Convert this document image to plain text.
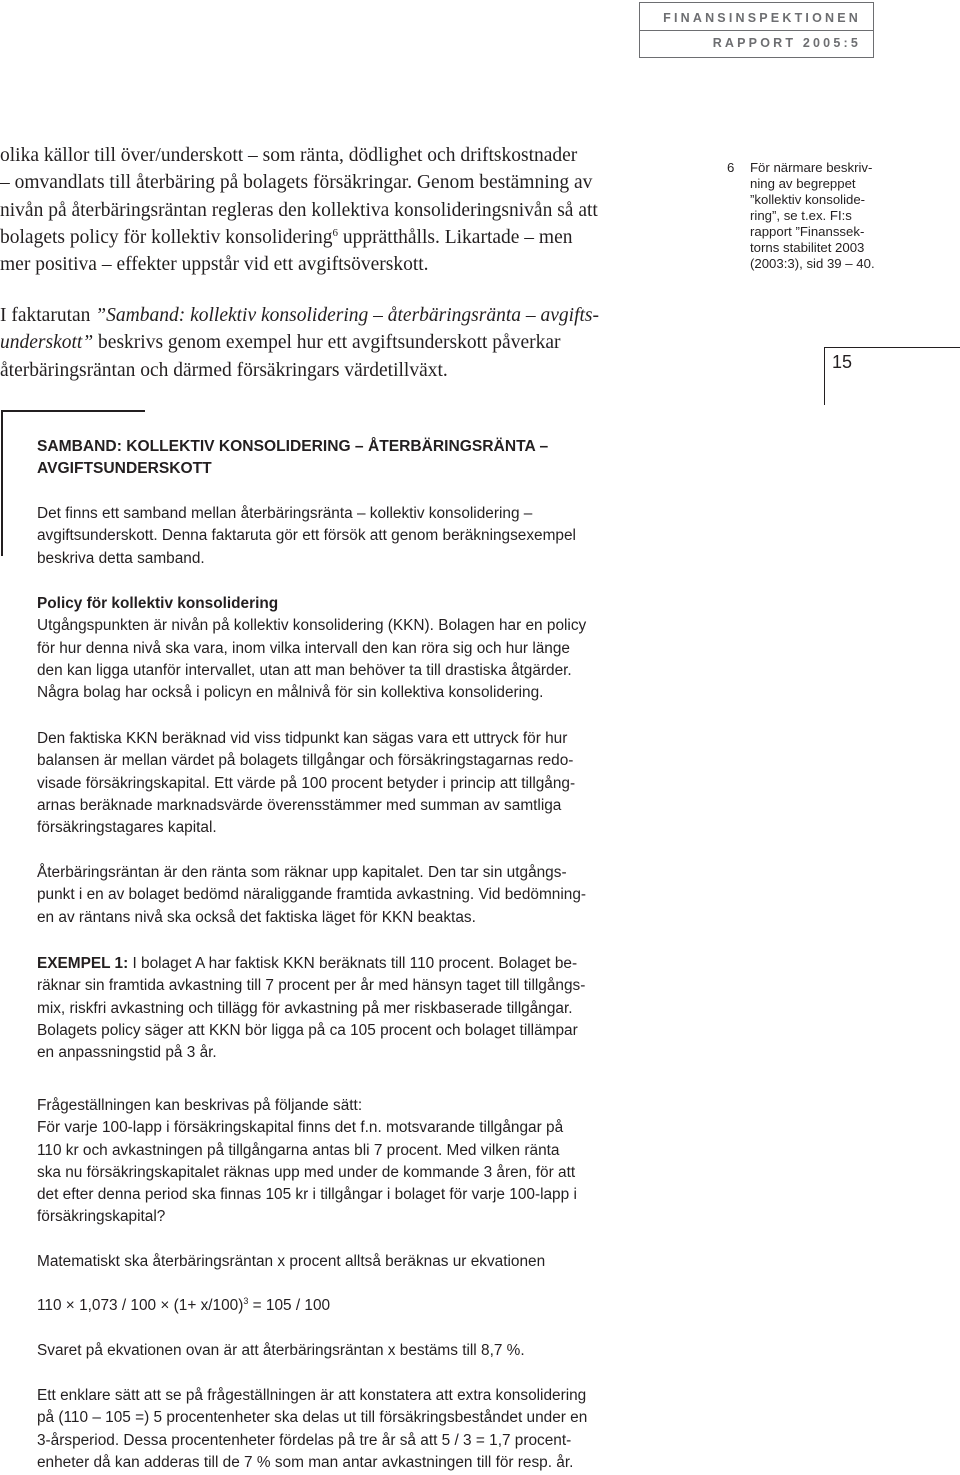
FINANSINSPEKTIONEN
RAPPORT 2005:5

olika källor till över/underskott – som ränta, dödlighet och driftskostnader

– omvandlats till återbäring på bolagets försäkringar. Genom bestämning av

nivån på återbäringsräntan regleras den kollektiva konsolideringsnivån så att

bolagets policy för kollektiv konsolidering$^6$ upprätthålls. Likartade – men

mer positiva – effekter uppstår vid ett avgiftsöverskott.

I faktarutan ”Samband: kollektiv konsolidering – återbäringsränta – avgifts-

underskott” beskrivs genom exempel hur ett avgiftsunderskott påverkar

återbäringsräntan och därmed försäkringars värdetillväxt.

6 För närmare beskriv-
ning av begreppet
”kollektiv konsolide-
ring”, se t.ex. FI:s
rapport ”Finanssek-
torns stabilitet 2003
(2003:3), sid 39 – 40.
15

SAMBAND: KOLLEKTIV KONSOLIDERING – ÅTERBÄRINGSRÄNTA –

AVGIFTSUNDERSKOTT

Det finns ett samband mellan återbäringsränta – kollektiv konsolidering –

avgiftsunderskott. Denna faktaruta gör ett försök att genom beräkningsexempel

beskriva detta samband.

Policy för kollektiv konsolidering

Utgångspunkten är nivån på kollektiv konsolidering (KKN). Bolagen har en policy

för hur denna nivå ska vara, inom vilka intervall den kan röra sig och hur länge

den kan ligga utanför intervallet, utan att man behöver ta till drastiska åtgärder.

Några bolag har också i policyn en målnivå för sin kollektiva konsolidering.

Den faktiska KKN beräknad vid viss tidpunkt kan sägas vara ett uttryck för hur

balansen är mellan värdet på bolagets tillgångar och försäkringstagarnas redo-

visade försäkringskapital. Ett värde på 100 procent betyder i princip att tillgång-

arnas beräknade marknadsvärde överensstämmer med summan av samtliga

försäkringstagares kapital.

Återbäringsräntan är den ränta som räknar upp kapitalet. Den tar sin utgångs-

punkt i en av bolaget bedömd näraliggande framtida avkastning. Vid bedömning-

en av räntans nivå ska också det faktiska läget för KKN beaktas.

EXEMPEL 1: I bolaget A har faktisk KKN beräknats till 110 procent. Bolaget be-

räknar sin framtida avkastning till 7 procent per år med hänsyn taget till tillgångs-

mix, riskfri avkastning och tillägg för avkastning på mer riskbaserade tillgångar.

Bolagets policy säger att KKN bör ligga på ca 105 procent och bolaget tillämpar

en anpassningstid på 3 år.

Frågeställningen kan beskrivas på följande sätt:

För varje 100-lapp i försäkringskapital finns det f.n. motsvarande tillgångar på

110 kr och avkastningen på tillgångarna antas bli 7 procent. Med vilken ränta

ska nu försäkringskapitalet räknas upp med under de kommande 3 åren, för att

det efter denna period ska finnas 105 kr i tillgångar i bolaget för varje 100-lapp i

försäkringskapital?

Matematiskt ska återbäringsräntan x procent alltså beräknas ur ekvationen

$110 \times 1,073 / 100 \times (1+ x/100)^3 = 105 / 100$

Svaret på ekvationen ovan är att återbäringsräntan x bestäms till 8,7 %.

Ett enklare sätt att se på frågeställningen är att konstatera att extra konsolidering

på (110 – 105 =) 5 procentenheter ska delas ut till försäkringsbeståndet under en

3-årsperiod. Dessa procentenheter fördelas på tre år så att 5 / 3 = 1,7 procent-

enheter då kan adderas till de 7 % som man antar avkastningen till för resp. år.
